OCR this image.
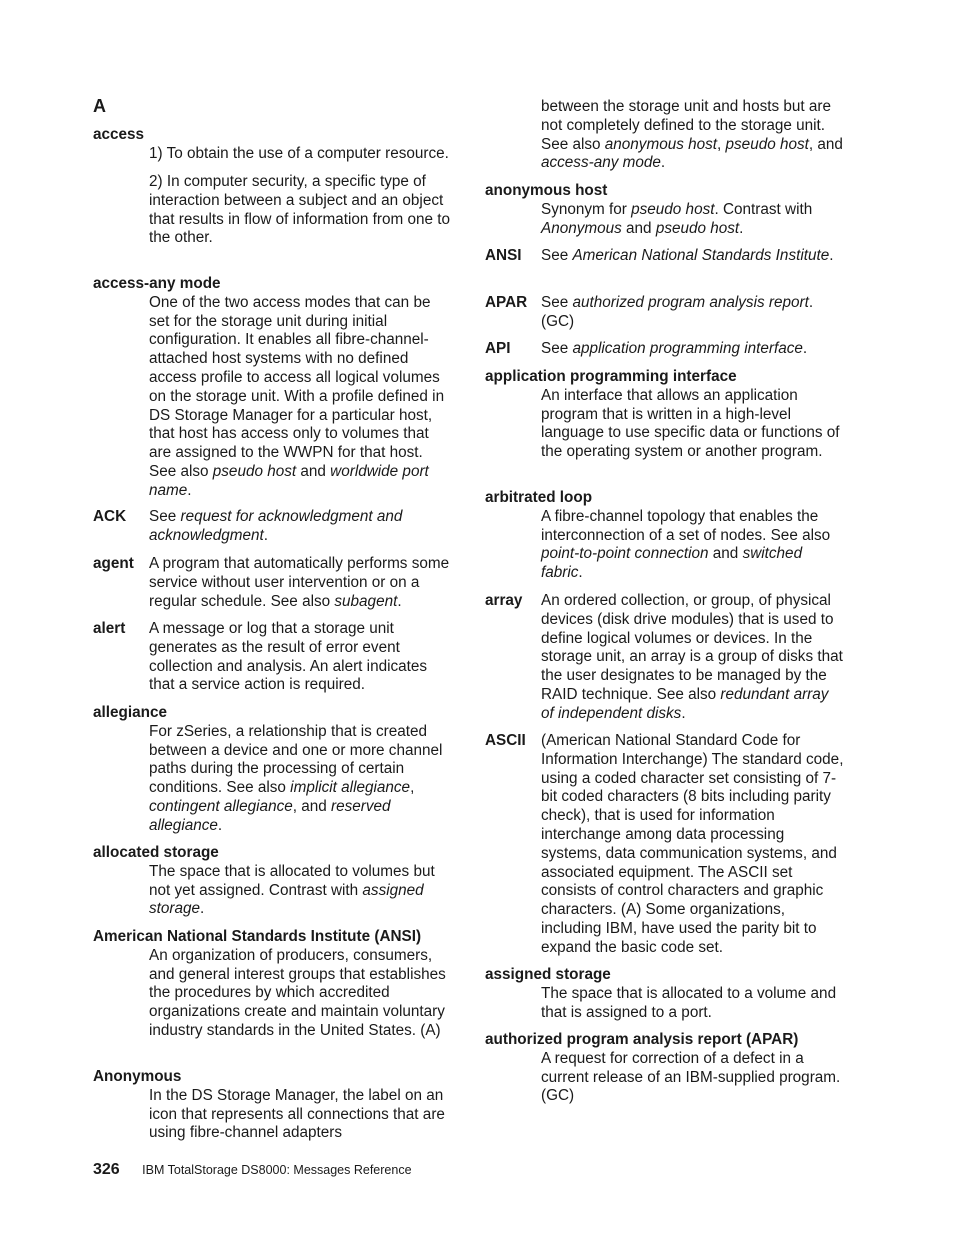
A
access

1) To obtain the use of a computer resource.

2) In computer security, a specific type of interaction between a subject and an object that results in flow of information from one to the other.

access-any mode

One of the two access modes that can be set for the storage unit during initial configuration. It enables all fibre-channel-attached host systems with no defined access profile to access all logical volumes on the storage unit. With a profile defined in DS Storage Manager for a particular host, that host has access only to volumes that are assigned to the WWPN for that host. See also pseudo host and worldwide port name.

ACK	See request for acknowledgment and acknowledgment.

agent A program that automatically performs some service without user intervention or on a regular schedule. See also subagent.

alert	A message or log that a storage unit generates as the result of error event collection and analysis. An alert indicates that a service action is required.

allegiance

For zSeries, a relationship that is created between a device and one or more channel paths during the processing of certain conditions. See also implicit allegiance, contingent allegiance, and reserved allegiance.

allocated storage

The space that is allocated to volumes but not yet assigned. Contrast with assigned storage.

American National Standards Institute (ANSI)

An organization of producers, consumers, and general interest groups that establishes the procedures by which accredited organizations create and maintain voluntary industry standards in the United States. (A)

Anonymous

In the DS Storage Manager, the label on an icon that represents all connections that are using fibre-channel adapters

between the storage unit and hosts but are not completely defined to the storage unit. See also anonymous host, pseudo host, and access-any mode.

anonymous host

Synonym for pseudo host. Contrast with Anonymous and pseudo host.

ANSI	See American National Standards Institute.

APAR See authorized program analysis report. (GC)

API	See application programming interface.

application programming interface

An interface that allows an application program that is written in a high-level language to use specific data or functions of the operating system or another program.

arbitrated loop

A fibre-channel topology that enables the interconnection of a set of nodes. See also point-to-point connection and switched fabric.

array	An ordered collection, or group, of physical devices (disk drive modules) that is used to define logical volumes or devices. In the storage unit, an array is a group of disks that the user designates to be managed by the RAID technique. See also redundant array of independent disks.

ASCII (American National Standard Code for Information Interchange) The standard code, using a coded character set consisting of 7-bit coded characters (8 bits including parity check), that is used for information interchange among data processing systems, data communication systems, and associated equipment. The ASCII set consists of control characters and graphic characters. (A) Some organizations, including IBM, have used the parity bit to expand the basic code set.

assigned storage

The space that is allocated to a volume and that is assigned to a port.

authorized program analysis report (APAR)

A request for correction of a defect in a current release of an IBM-supplied program. (GC)

326 IBM TotalStorage DS8000: Messages Reference
